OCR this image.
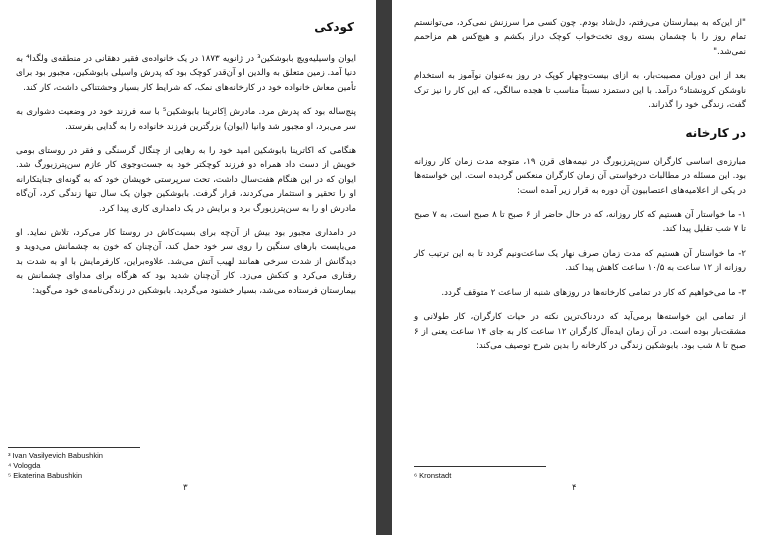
کودکی

ایوان واسیلیه‌ویچ بابوشکین³ در ژانویه ۱۸۷۳ در یک خانواده‌ی فقیر دهقانی در منطقه‌ی ولگدا⁴ به دنیا آمد. زمین متعلق به والدین او آن‌قدر کوچک بود که پدرش واسیلی بابوشکین، مجبور بود برای تأمین معاش خانواده خود در کارخانه‌های نمک، که شرایط کار بسیار وحشتناکی داشت، کار کند.

پنج‌ساله بود که پدرش مرد. مادرش اِکاترینا بابوشکین⁵ با سه فرزند خود در وضعیت دشواری به سر می‌برد، او مجبور شد وانیا (ایوان) بزرگترین فرزند خانواده را به گدایی بفرستد.

هنگامی که اکاترینا بابوشکین امید خود را به رهایی از چنگال گرسنگی و فقر در روستای بومی خویش از دست داد همراه دو فرزند کوچکتر خود به جست‌وجوی کار عازم سن‌پترزبورگ شد. ایوان که در این هنگام هفت‌سال داشت، تحت سرپرستی خویشان خود که به گونه‌ای جنایتکارانه او را تحقیر و استثمار می‌کردند، قرار گرفت. بابوشکین جوان یک سال تنها زندگی کرد، آن‌گاه مادرش او را به سن‌پترزبورگ برد و برایش در یک دامداری کاری پیدا کرد.

در دامداری مجبور بود بیش از آن‌چه برای بسیت‌کاش در روستا کار می‌کرد، تلاش نماید. او می‌بایست بارهای سنگین را روی سر خود حمل کند، آن‌چنان که خون به چشمانش می‌دوید و دیدگانش از شدت سرخی همانند لهیب آتش می‌شد. علاوه‌براین، کارفرمایش با او به شدت بد رفتاری می‌کرد و کتکش می‌زد. کار آن‌چنان شدید بود که هرگاه برای مداوای چشمانش به بیمارستان فرستاده می‌شد، بسیار خشنود می‌گردید. بابوشکین در زندگی‌نامه‌ی خود می‌گوید:

³ Ivan Vasilyevich Babushkin
⁴ Vologda
⁵ Ekaterina Babushkin
۳

"از این‌که به بیمارستان می‌رفتم، دل‌شاد بودم. چون کسی مرا سرزنش نمی‌کرد، می‌توانستم تمام روز را با چشمان بسته روی تخت‌خواب کوچک دراز بکشم و هیچ‌کس هم مزاحمم نمی‌شد."

بعد از این دوران مصیبت‌بار، به ازای بیست‌وچهار کوپک در روز به‌عنوان نوآموز به استخدام ناوشکن کرونشتاد⁶ درآمد. با این دستمزد نسبتاً مناسب تا هجده سالگی، که این کار را نیز ترک گفت، زندگی خود را گذراند.

در کارخانه

مبارزه‌ی اساسی کارگران سن‌پترزبورگ در نیمه‌های قرن ۱۹، متوجه مدت زمان کار روزانه بود. این مسئله در مطالبات درخواستی آن زمان کارگران منعکس گردیده است. این خواسته‌ها در یکی از اعلامیه‌های اعتصابیون آن دوره به قرار زیر آمده است:

۱- ما خواستار آن هستیم که کار روزانه، که در حال حاضر از ۶ صبح تا ۸ صبح است، به ۷ صبح تا ۷ شب تقلیل پیدا کند.

۲- ما خواستار آن هستیم که مدت زمان صرف نهار یک ساعت‌ونیم گردد تا به این ترتیب کار روزانه از ۱۲ ساعت به ۱۰/۵ ساعت کاهش پیدا کند.

۳- ما می‌خواهیم که کار در تمامی کارخانه‌ها در روزهای شنبه از ساعت ۲ متوقف گردد.

از تمامی این خواسته‌ها برمی‌آید که دردناک‌ترین نکته در حیات کارگران، کار طولانی و مشقت‌بار بوده است. در آن زمان ایده‌آل کارگران ۱۲ ساعت کار به جای ۱۴ ساعت یعنی از ۶ صبح تا ۸ شب بود. بابوشکین زندگی در کارخانه را بدین شرح توصیف می‌کند:

⁶ Kronstadt
۴
